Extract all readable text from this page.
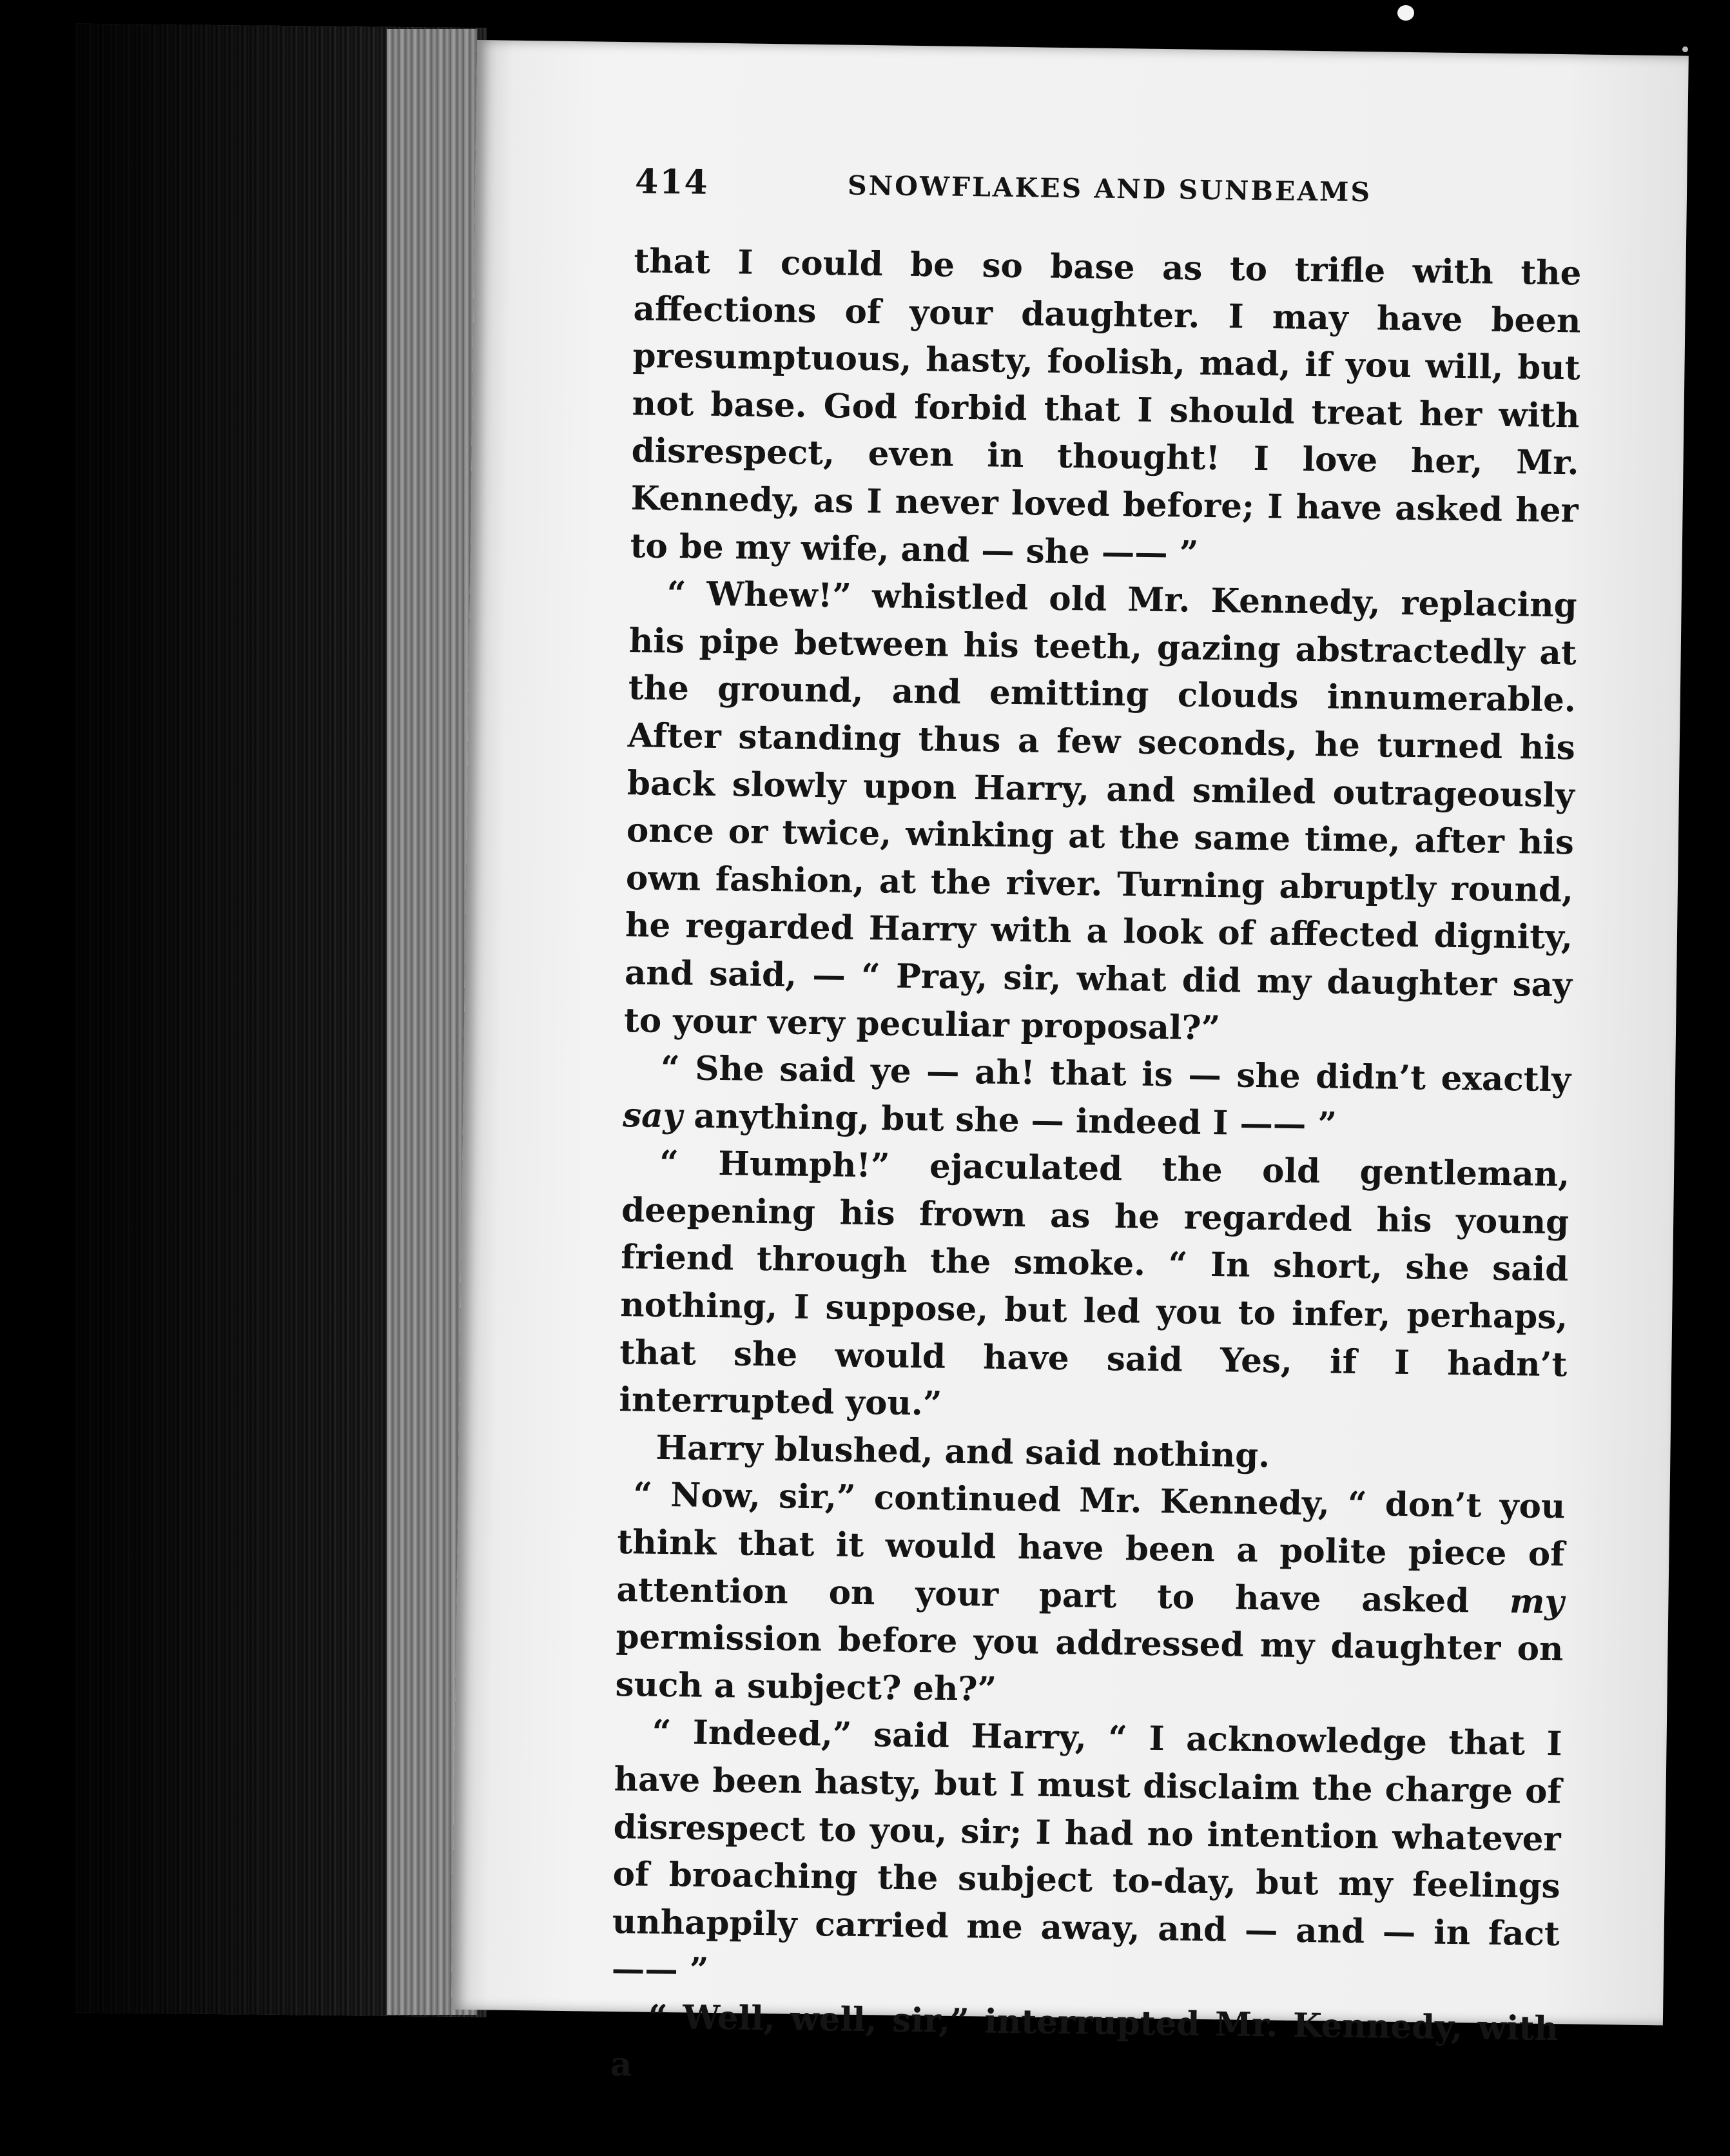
414	SNOWFLAKES AND SUNBEAMS

that I could be so base as to trifle with the affections of your daughter. I may have been presumptuous, hasty, foolish, mad, if you will, but not base. God forbid that I should treat her with disrespect, even in thought! I love her, Mr. Kennedy, as I never loved before; I have asked her to be my wife, and — she —— ”

“ Whew!” whistled old Mr. Kennedy, replacing his pipe between his teeth, gazing abstractedly at the ground, and emitting clouds innumerable. After standing thus a few seconds, he turned his back slowly upon Harry, and smiled outrageously once or twice, winking at the same time, after his own fashion, at the river. Turning abruptly round, he regarded Harry with a look of affected dignity, and said, — “ Pray, sir, what did my daughter say to your very peculiar proposal?”

“ She said ye — ah! that is — she didn’t exactly say anything, but she — indeed I —— ”

“ Humph!” ejaculated the old gentleman, deepening his frown as he regarded his young friend through the smoke. “ In short, she said nothing, I suppose, but led you to infer, perhaps, that she would have said Yes, if I hadn’t interrupted you.”

Harry blushed, and said nothing.

“ Now, sir,” continued Mr. Kennedy, “ don’t you think that it would have been a polite piece of attention on your part to have asked my permission before you addressed my daughter on such a subject? eh?”

“ Indeed,” said Harry, “ I acknowledge that I have been hasty, but I must disclaim the charge of disrespect to you, sir; I had no intention whatever of broaching the subject to-day, but my feelings unhappily carried me away, and — and — in fact —— ”

“ Well, well, sir,” interrupted Mr. Kennedy, with a
